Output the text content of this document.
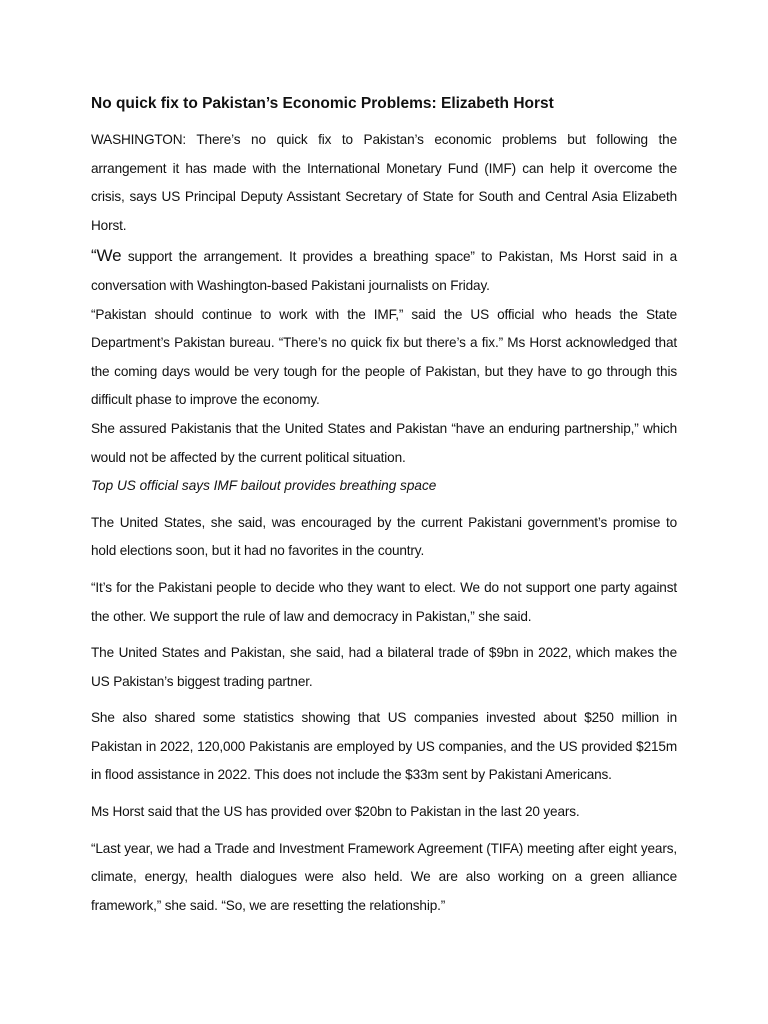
No quick fix to Pakistan’s Economic Problems: Elizabeth Horst

WASHINGTON: There’s no quick fix to Pakistan’s economic problems but following the arrangement it has made with the International Monetary Fund (IMF) can help it overcome the crisis, says US Principal Deputy Assistant Secretary of State for South and Central Asia Elizabeth Horst.

“We support the arrangement. It provides a breathing space” to Pakistan, Ms Horst said in a conversation with Washington-based Pakistani journalists on Friday.

“Pakistan should continue to work with the IMF,” said the US official who heads the State Department’s Pakistan bureau. “There’s no quick fix but there’s a fix.” Ms Horst acknowledged that the coming days would be very tough for the people of Pakistan, but they have to go through this difficult phase to improve the economy.

She assured Pakistanis that the United States and Pakistan “have an enduring partnership,” which would not be affected by the current political situation.

Top US official says IMF bailout provides breathing space

The United States, she said, was encouraged by the current Pakistani government’s promise to hold elections soon, but it had no favorites in the country.

“It’s for the Pakistani people to decide who they want to elect. We do not support one party against the other. We support the rule of law and democracy in Pakistan,” she said.

The United States and Pakistan, she said, had a bilateral trade of $9bn in 2022, which makes the US Pakistan’s biggest trading partner.

She also shared some statistics showing that US companies invested about $250 million in Pakistan in 2022, 120,000 Pakistanis are employed by US companies, and the US provided $215m in flood assistance in 2022. This does not include the $33m sent by Pakistani Americans.

Ms Horst said that the US has provided over $20bn to Pakistan in the last 20 years.

“Last year, we had a Trade and Investment Framework Agreement (TIFA) meeting after eight years, climate, energy, health dialogues were also held. We are also working on a green alliance framework,” she said. “So, we are resetting the relationship.”
